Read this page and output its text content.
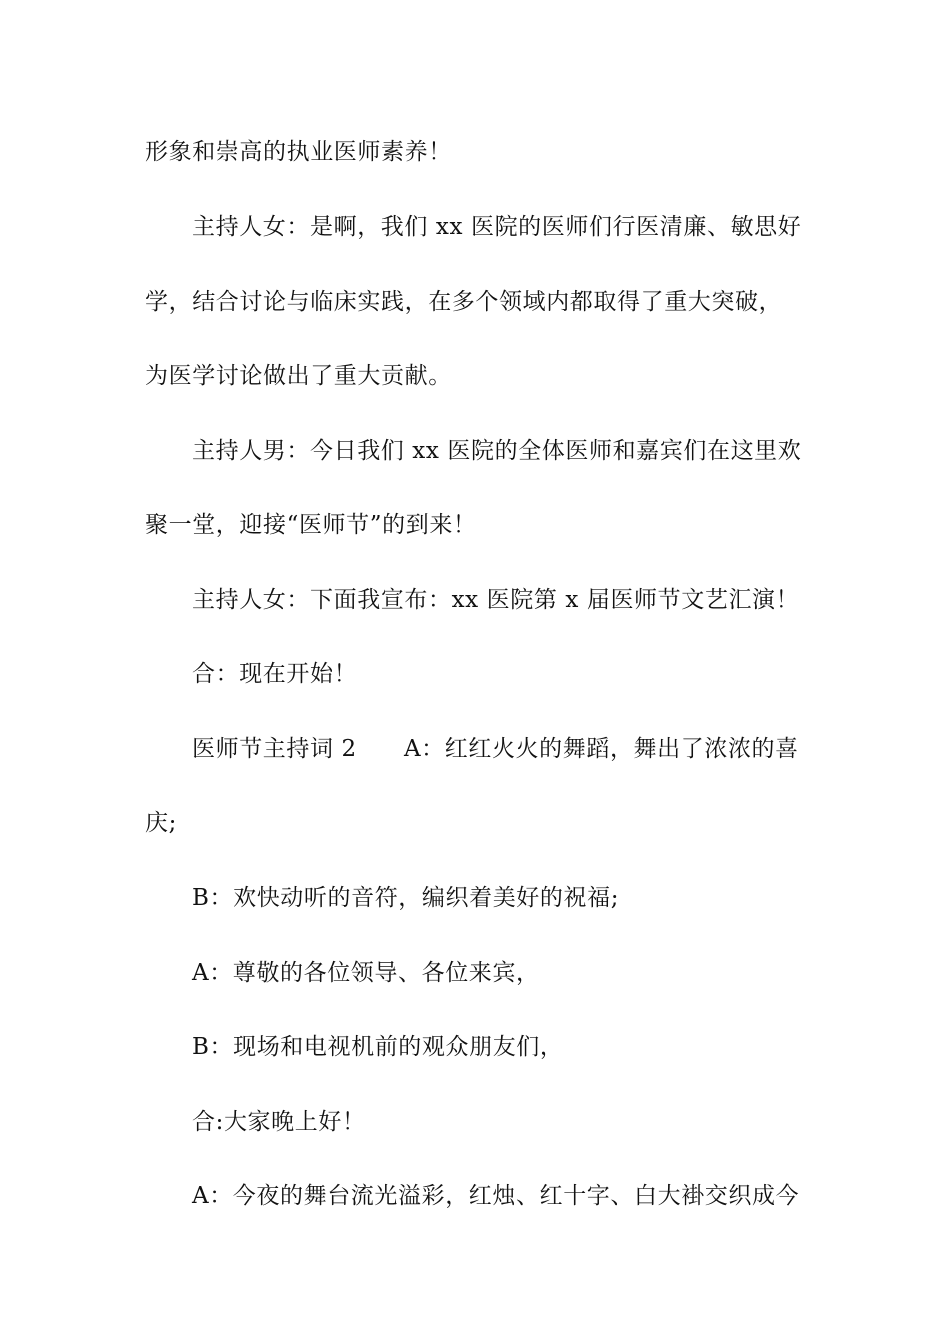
形象和崇高的执业医师素养！
主持人女：是啊，我们 xx 医院的医师们行医清廉、敏思好
学，结合讨论与临床实践，在多个领域内都取得了重大突破，
为医学讨论做出了重大贡献。
主持人男：今日我们 xx 医院的全体医师和嘉宾们在这里欢
聚一堂，迎接“医师节”的到来！
主持人女：下面我宣布：xx 医院第 x 届医师节文艺汇演！
合：现在开始！
医师节主持词 2　　A：红红火火的舞蹈，舞出了浓浓的喜
庆;
B：欢快动听的音符，编织着美好的祝福;
A：尊敬的各位领导、各位来宾，
B：现场和电视机前的观众朋友们，
合:大家晚上好！
A：今夜的舞台流光溢彩，红烛、红十字、白大褂交织成今
